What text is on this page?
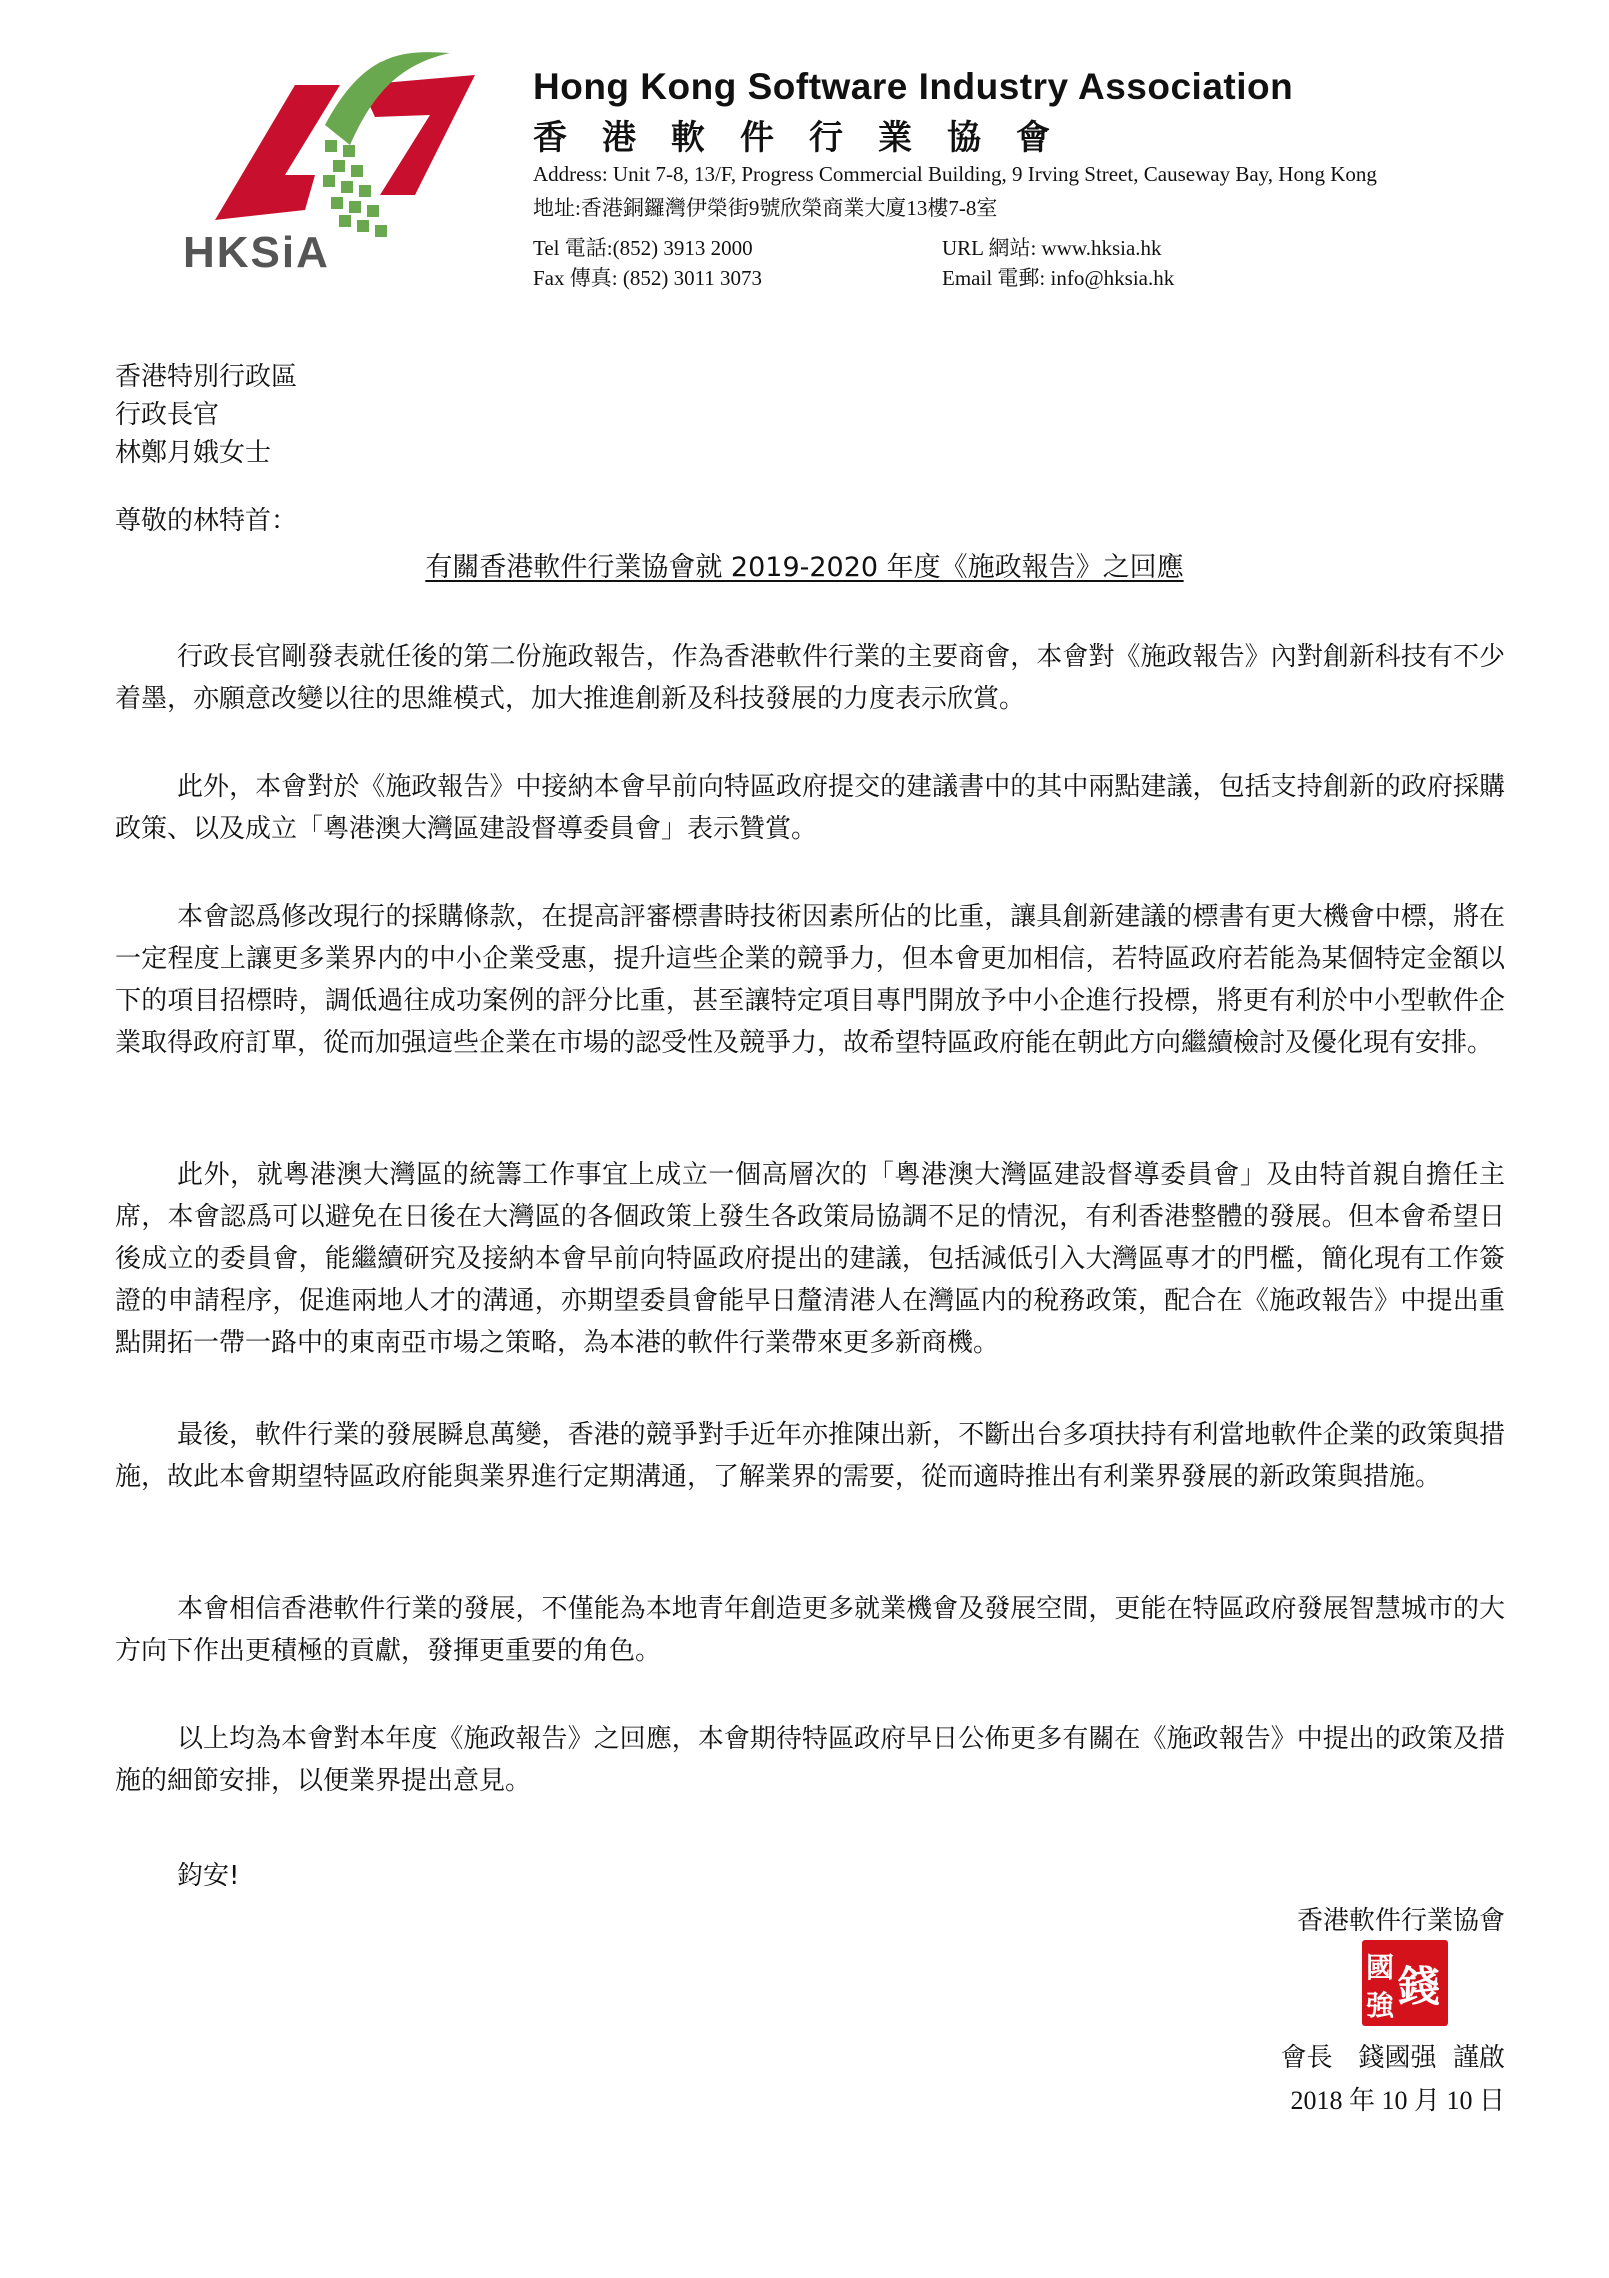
HKSiA
Hong Kong Software Industry Association
香港軟件行業協會
Address: Unit 7-8, 13/F, Progress Commercial Building, 9 Irving Street, Causeway Bay, Hong Kong
地址:香港銅鑼灣伊榮街9號欣榮商業大廈13樓7-8室
Tel 電話:(852) 3913 2000
Fax 傳真: (852) 3011 3073
URL 網站: www.hksia.hk
Email 電郵: info@hksia.hk
香港特別行政區
行政長官
林鄭月娥女士
尊敬的林特首：
有關香港軟件行業協會就 2019-2020 年度《施政報告》之回應

行政長官剛發表就任後的第二份施政報告，作為香港軟件行業的主要商會，本會對《施政報告》內對創新科技有不少着墨，亦願意改變以往的思維模式，加大推進創新及科技發展的力度表示欣賞。

此外，本會對於《施政報告》中接納本會早前向特區政府提交的建議書中的其中兩點建議，包括支持創新的政府採購政策、以及成立「粵港澳大灣區建設督導委員會」表示贊賞。

本會認爲修改現行的採購條款，在提高評審標書時技術因素所佔的比重，讓具創新建議的標書有更大機會中標，將在一定程度上讓更多業界内的中小企業受惠，提升這些企業的競爭力，但本會更加相信，若特區政府若能為某個特定金額以下的項目招標時，調低過往成功案例的評分比重，甚至讓特定項目專門開放予中小企進行投標，將更有利於中小型軟件企業取得政府訂單，從而加强這些企業在市場的認受性及競爭力，故希望特區政府能在朝此方向繼續檢討及優化現有安排。

此外，就粵港澳大灣區的統籌工作事宜上成立一個高層次的「粵港澳大灣區建設督導委員會」及由特首親自擔任主席，本會認爲可以避免在日後在大灣區的各個政策上發生各政策局協調不足的情況，有利香港整體的發展。但本會希望日後成立的委員會，能繼續研究及接納本會早前向特區政府提出的建議，包括減低引入大灣區專才的門檻，簡化現有工作簽證的申請程序，促進兩地人才的溝通，亦期望委員會能早日釐清港人在灣區内的稅務政策，配合在《施政報告》中提出重點開拓一帶一路中的東南亞市場之策略，為本港的軟件行業帶來更多新商機。

最後，軟件行業的發展瞬息萬變，香港的競爭對手近年亦推陳出新，不斷出台多項扶持有利當地軟件企業的政策與措施，故此本會期望特區政府能與業界進行定期溝通，了解業界的需要，從而適時推出有利業界發展的新政策與措施。

本會相信香港軟件行業的發展，不僅能為本地青年創造更多就業機會及發展空間，更能在特區政府發展智慧城市的大方向下作出更積極的貢獻，發揮更重要的角色。

以上均為本會對本年度《施政報告》之回應，本會期待特區政府早日公佈更多有關在《施政報告》中提出的政策及措施的細節安排，以便業界提出意見。

鈞安!
香港軟件行業協會
國 錢
強
會長　錢國强  謹啟
2018 年 10 月 10 日
